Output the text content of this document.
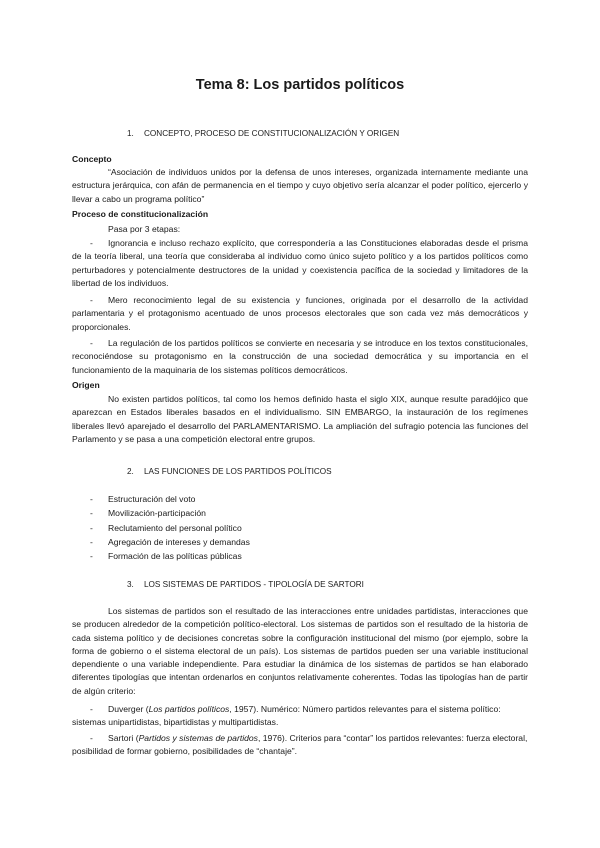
Tema 8: Los partidos políticos
1. CONCEPTO, PROCESO DE CONSTITUCIONALIZACIÓN Y ORIGEN
Concepto
“Asociación de individuos unidos por la defensa de unos intereses, organizada internamente mediante una estructura jerárquica, con afán de permanencia en el tiempo y cuyo objetivo sería alcanzar el poder político, ejercerlo y llevar a cabo un programa político”
Proceso de constitucionalización
Pasa por 3 etapas:
-	Ignorancia e incluso rechazo explícito, que correspondería a las Constituciones elaboradas desde el prisma de la teoría liberal, una teoría que consideraba al individuo como único sujeto político y a los partidos políticos como perturbadores y potencialmente destructores de la unidad y coexistencia pacífica de la sociedad y limitadores de la libertad de los individuos.
-	Mero reconocimiento legal de su existencia y funciones, originada por el desarrollo de la actividad parlamentaria y el protagonismo acentuado de unos procesos electorales que son cada vez más democráticos y proporcionales.
-	La regulación de los partidos políticos se convierte en necesaria y se introduce en los textos constitucionales, reconociéndose su protagonismo en la construcción de una sociedad democrática y su importancia en el funcionamiento de la maquinaria de los sistemas políticos democráticos.
Origen
No existen partidos políticos, tal como los hemos definido hasta el siglo XIX, aunque resulte paradójico que aparezcan en Estados liberales basados en el individualismo. SIN EMBARGO, la instauración de los regímenes liberales llevó aparejado el desarrollo del PARLAMENTARISMO. La ampliación del sufragio potencia las funciones del Parlamento y se pasa a una competición electoral entre grupos.
2. LAS FUNCIONES DE LOS PARTIDOS POLÍTICOS
- Estructuración del voto
- Movilización-participación
- Reclutamiento del personal político
- Agregación de intereses y demandas
- Formación de las políticas públicas
3. LOS SISTEMAS DE PARTIDOS - TIPOLOGÍA DE SARTORI
Los sistemas de partidos son el resultado de las interacciones entre unidades partidistas, interacciones que se producen alrededor de la competición político-electoral. Los sistemas de partidos son el resultado de la historia de cada sistema político y de decisiones concretas sobre la configuración institucional del mismo (por ejemplo, sobre la forma de gobierno o el sistema electoral de un país). Los sistemas de partidos pueden ser una variable institucional dependiente o una variable independiente. Para estudiar la dinámica de los sistemas de partidos se han elaborado diferentes tipologías que intentan ordenarlos en conjuntos relativamente coherentes. Todas las tipologías han de partir de algún criterio:
-	Duverger (Los partidos políticos, 1957). Numérico: Número partidos relevantes para el sistema político: sistemas unipartidistas, bipartidistas y multipartidistas.
-	Sartori (Partidos y sistemas de partidos, 1976). Criterios para “contar” los partidos relevantes: fuerza electoral, posibilidad de formar gobierno, posibilidades de “chantaje”.
